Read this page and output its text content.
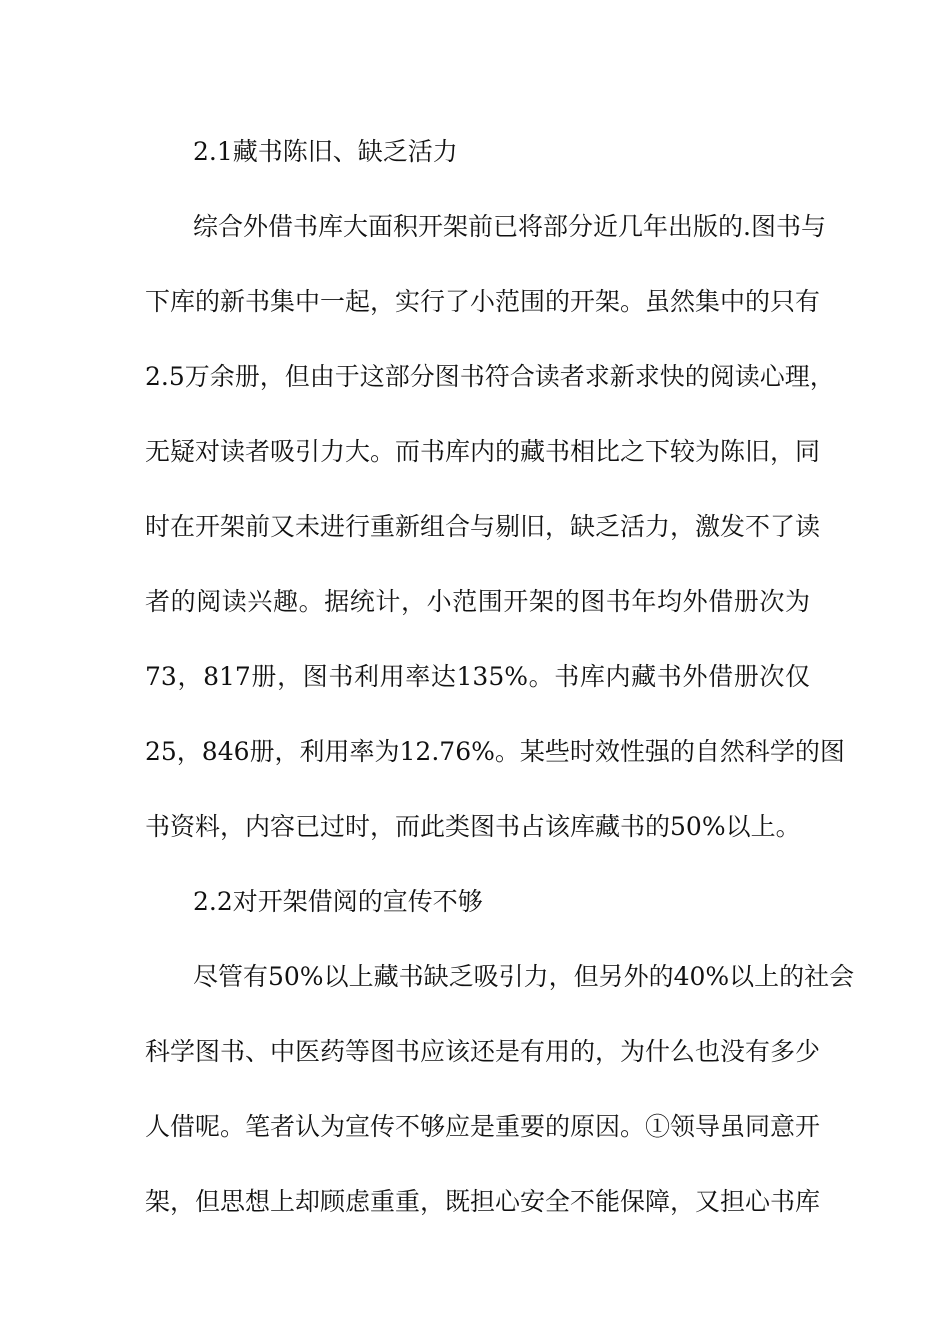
2.1藏书陈旧、缺乏活力
综合外借书库大面积开架前已将部分近几年出版的.图书与
下库的新书集中一起，实行了小范围的开架。虽然集中的只有
2.5万余册，但由于这部分图书符合读者求新求快的阅读心理，
无疑对读者吸引力大。而书库内的藏书相比之下较为陈旧，同
时在开架前又未进行重新组合与剔旧，缺乏活力，激发不了读
者的阅读兴趣。据统计，小范围开架的图书年均外借册次为
73，817册，图书利用率达135%。书库内藏书外借册次仅
25，846册，利用率为12.76%。某些时效性强的自然科学的图
书资料，内容已过时，而此类图书占该库藏书的50%以上。
2.2对开架借阅的宣传不够
尽管有50%以上藏书缺乏吸引力，但另外的40%以上的社会
科学图书、中医药等图书应该还是有用的，为什么也没有多少
人借呢。笔者认为宣传不够应是重要的原因。①领导虽同意开
架，但思想上却顾虑重重，既担心安全不能保障，又担心书库
